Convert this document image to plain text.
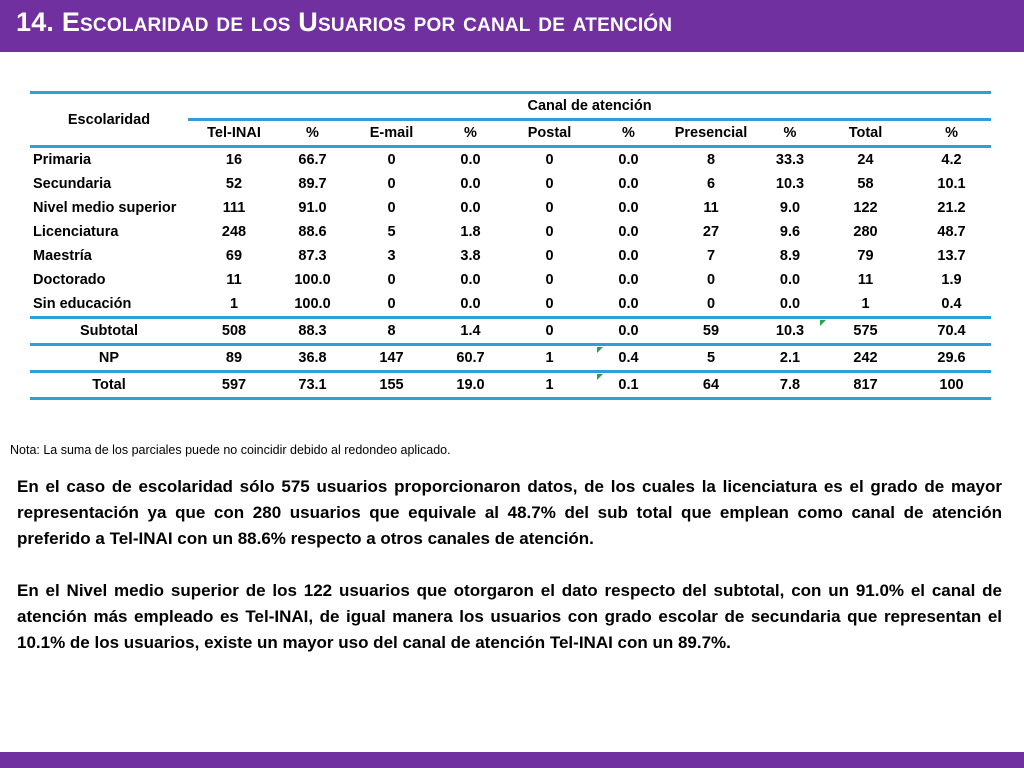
14. Escolaridad de los Usuarios por canal de atención
Escolaridad	Canal de atención									
	Tel-INAI	%	E-mail	%	Postal	%	Presencial	%	Total	%
Primaria	16	66.7	0	0.0	0	0.0	8	33.3	24	4.2
Secundaria	52	89.7	0	0.0	0	0.0	6	10.3	58	10.1
Nivel medio superior	111	91.0	0	0.0	0	0.0	11	9.0	122	21.2
Licenciatura	248	88.6	5	1.8	0	0.0	27	9.6	280	48.7
Maestría	69	87.3	3	3.8	0	0.0	7	8.9	79	13.7
Doctorado	11	100.0	0	0.0	0	0.0	0	0.0	11	1.9
Sin educación	1	100.0	0	0.0	0	0.0	0	0.0	1	0.4
Subtotal	508	88.3	8	1.4	0	0.0	59	10.3	575	70.4
NP	89	36.8	147	60.7	1	0.4	5	2.1	242	29.6
Total	597	73.1	155	19.0	1	0.1	64	7.8	817	100
Nota: La suma de los parciales puede no coincidir debido al redondeo aplicado.

En el caso de escolaridad sólo 575 usuarios proporcionaron datos, de los cuales la licenciatura es el grado de mayor representación ya que con 280 usuarios que equivale al 48.7% del sub total que emplean como canal de atención preferido a Tel-INAI con un 88.6% respecto a otros canales de atención.

En el Nivel medio superior de los 122 usuarios que otorgaron el dato respecto del subtotal, con un 91.0% el canal de atención más empleado es Tel-INAI, de igual manera los usuarios con grado escolar de secundaria que representan el 10.1% de los usuarios, existe un mayor uso del canal de atención Tel-INAI con un 89.7%.
